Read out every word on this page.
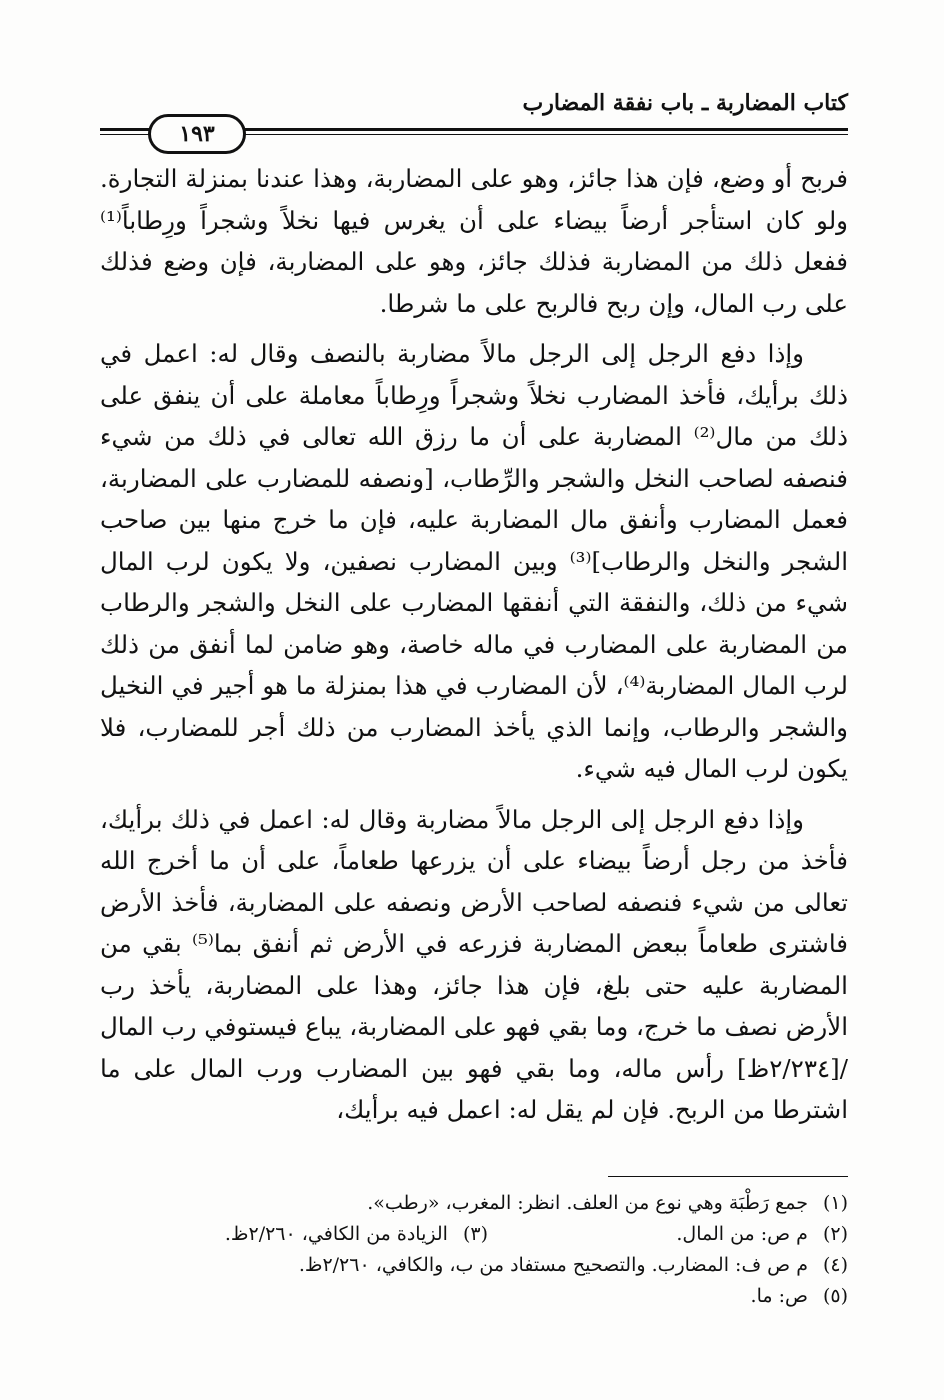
كتاب المضاربة ـ باب نفقة المضارب
١٩٣

فربح أو وضع، فإن هذا جائز، وهو على المضاربة، وهذا عندنا بمنزلة التجارة. ولو كان استأجر أرضاً بيضاء على أن يغرس فيها نخلاً وشجراً ورِطاباً⁽¹⁾ ففعل ذلك من المضاربة فذلك جائز، وهو على المضاربة، فإن وضع فذلك على رب المال، وإن ربح فالربح على ما شرطا.

وإذا دفع الرجل إلى الرجل مالاً مضاربة بالنصف وقال له: اعمل في ذلك برأيك، فأخذ المضارب نخلاً وشجراً ورِطاباً معاملة على أن ينفق على ذلك من مال⁽²⁾ المضاربة على أن ما رزق الله تعالى في ذلك من شيء فنصفه لصاحب النخل والشجر والرِّطاب، [ونصفه للمضارب على المضاربة، فعمل المضارب وأنفق مال المضاربة عليه، فإن ما خرج منها بين صاحب الشجر والنخل والرطاب]⁽³⁾ وبين المضارب نصفين، ولا يكون لرب المال شيء من ذلك، والنفقة التي أنفقها المضارب على النخل والشجر والرطاب من المضاربة على المضارب في ماله خاصة، وهو ضامن لما أنفق من ذلك لرب المال المضاربة⁽⁴⁾، لأن المضارب في هذا بمنزلة ما هو أجير في النخيل والشجر والرطاب، وإنما الذي يأخذ المضارب من ذلك أجر للمضارب، فلا يكون لرب المال فيه شيء.

وإذا دفع الرجل إلى الرجل مالاً مضاربة وقال له: اعمل في ذلك برأيك، فأخذ من رجل أرضاً بيضاء على أن يزرعها طعاماً، على أن ما أخرج الله تعالى من شيء فنصفه لصاحب الأرض ونصفه على المضاربة، فأخذ الأرض فاشترى طعاماً ببعض المضاربة فزرعه في الأرض ثم أنفق بما⁽⁵⁾ بقي من المضاربة عليه حتى بلغ، فإن هذا جائز، وهذا على المضاربة، يأخذ رب الأرض نصف ما خرج، وما بقي فهو على المضاربة، يباع فيستوفي رب المال /[٢/٢٣٤ظ] رأس ماله، وما بقي فهو بين المضارب ورب المال على ما اشترطا من الربح. فإن لم يقل له: اعمل فيه برأيك،

(١) جمع رَطْبَة وهي نوع من العلف. انظر: المغرب، «رطب».
(٢) م ص: من المال.
(٣) الزيادة من الكافي، ٢/٢٦٠ظ.
(٤) م ص ف: المضارب. والتصحيح مستفاد من ب، والكافي، ٢/٢٦٠ظ.
(٥) ص: ما.
